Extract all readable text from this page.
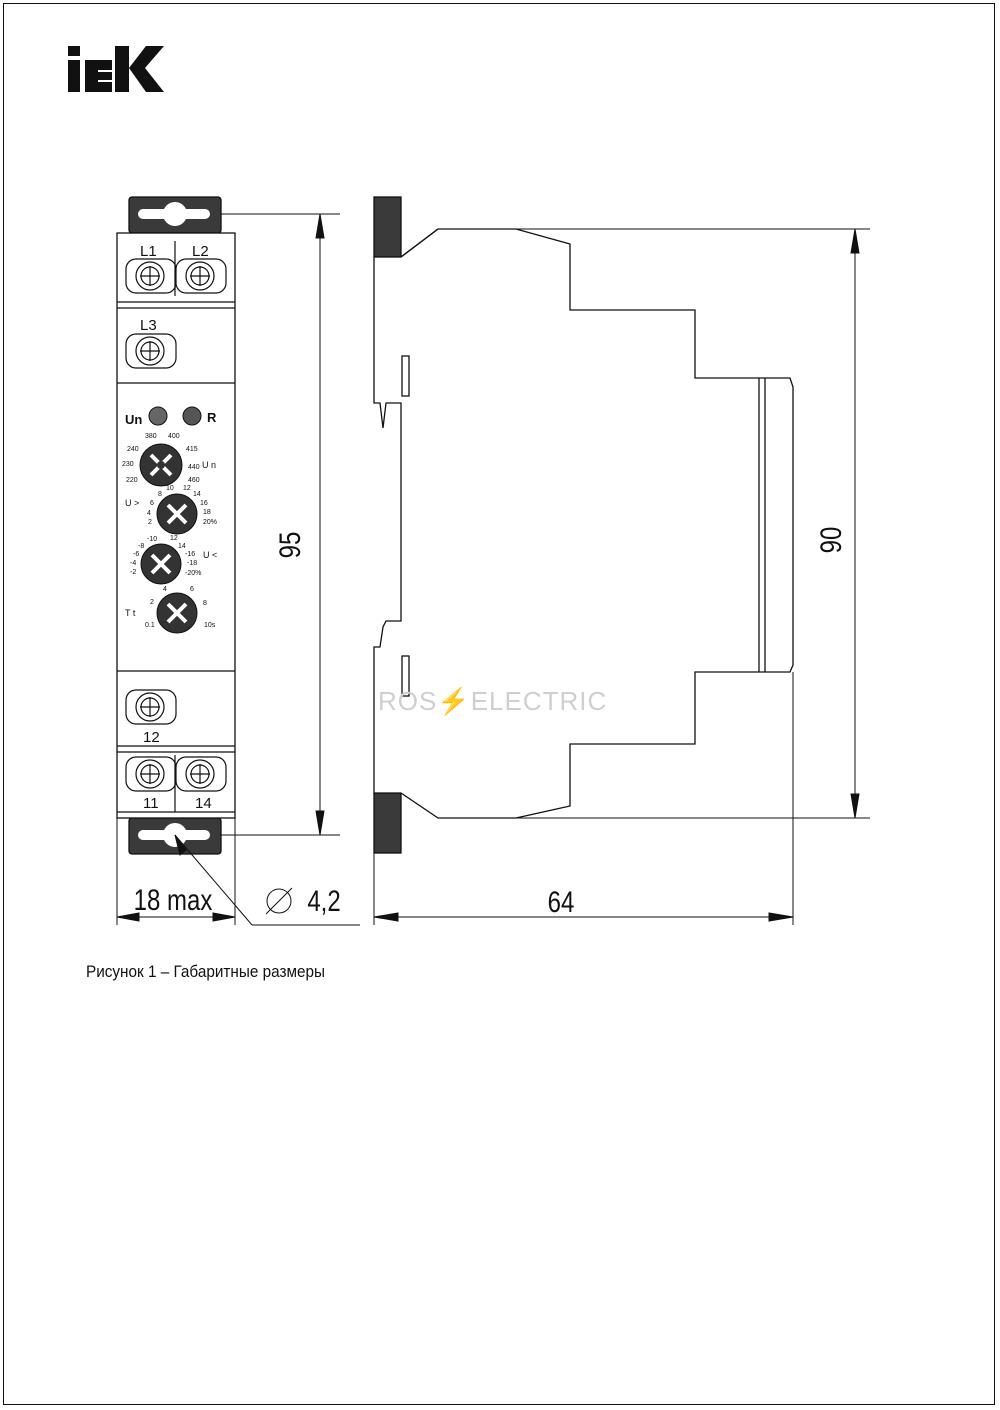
L1 L2
L3
12
11 14
Un	R
380 400
240	415
230	440 U n
220	460
U > 6
8
10 12
14
16
18
4
2	20%
U <
-8
-10 12
14
-6
-4
-2
-16
-18
-20%
T t
2
4	6
8
0.1	10s
95	90
18 max	4,2	64
ROS⚡ELECTRIC
Рисунок 1 – Габаритные размеры
